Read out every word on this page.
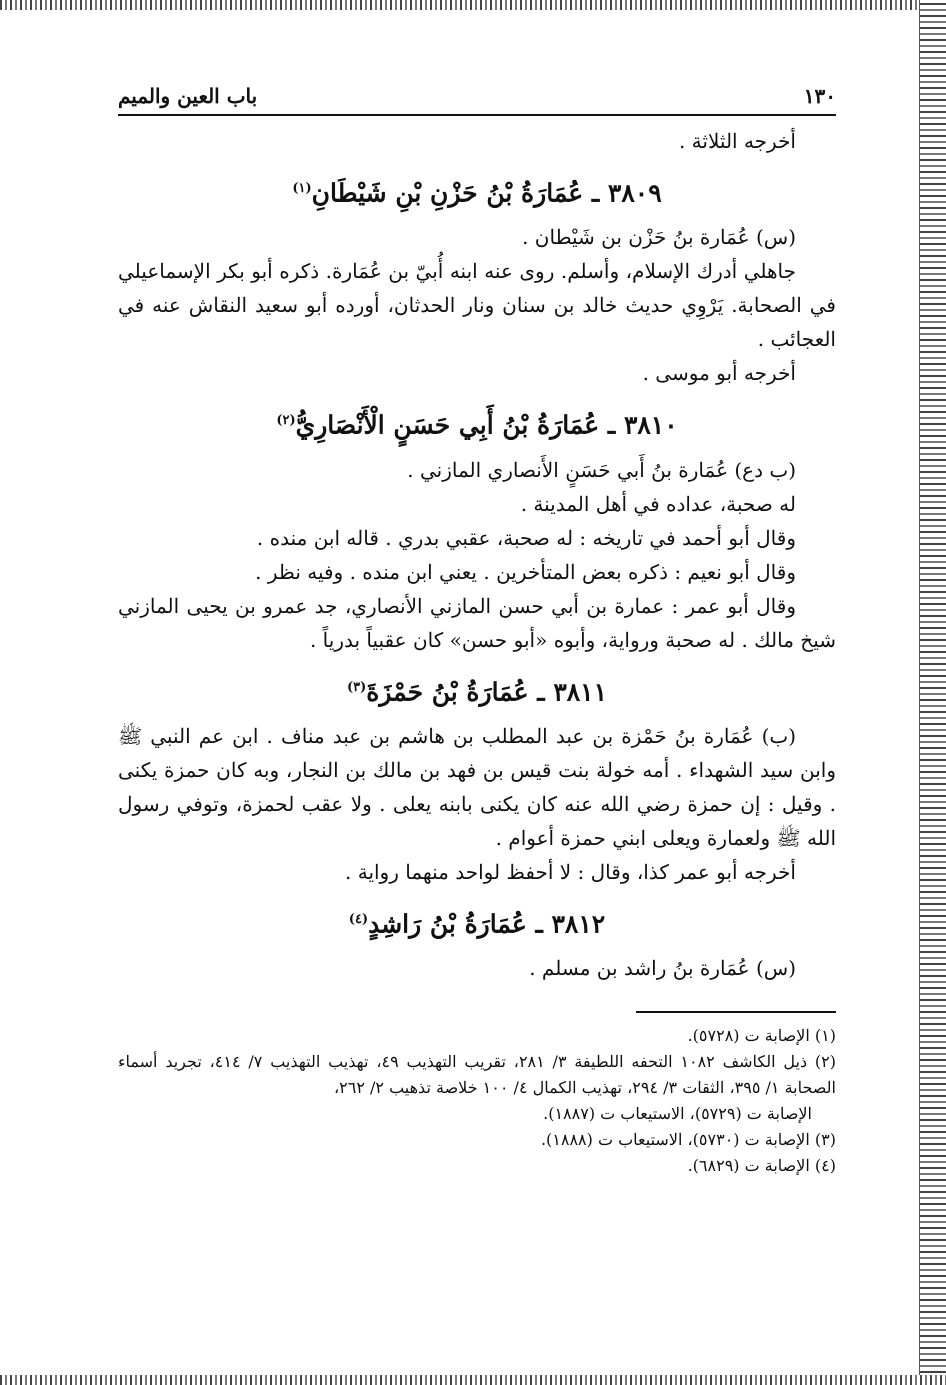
١٣٠
باب العين والميم

أخرجه الثلاثة .

٣٨٠٩ ـ عُمَارَةُ بْنُ حَزْنِ بْنِ شَيْطَانِ$^{(١)}$

(س) عُمَارة بنُ حَزْن بن شَيْطان .

جاهلي أدرك الإسلام، وأسلم. روى عنه ابنه أُبيّ بن عُمَارة. ذكره أبو بكر الإسماعيلي في الصحابة. يَرْوِي حديث خالد بن سنان ونار الحدثان، أورده أبو سعيد النقاش عنه في العجائب .

أخرجه أبو موسى .

٣٨١٠ ـ عُمَارَةُ بْنُ أَبِي حَسَنٍ الْأَنْصَارِيُّ$^{(٢)}$

(ب دع) عُمَارة بنُ أَبي حَسَنٍ الأَنصاري المازني .

له صحبة، عداده في أهل المدينة .

وقال أبو أحمد في تاريخه : له صحبة، عقبي بدري . قاله ابن منده .

وقال أبو نعيم : ذكره بعض المتأخرين . يعني ابن منده . وفيه نظر .

وقال أبو عمر : عمارة بن أبي حسن المازني الأنصاري، جد عمرو بن يحيى المازني شيخ مالك . له صحبة ورواية، وأبوه «أبو حسن» كان عقبياً بدرياً .

٣٨١١ ـ عُمَارَةُ بْنُ حَمْزَةَ$^{(٣)}$

(ب) عُمَارة بنُ حَمْزة بن عبد المطلب بن هاشم بن عبد مناف . ابن عم النبي ﷺ وابن سيد الشهداء . أمه خولة بنت قيس بن فهد بن مالك بن النجار، وبه كان حمزة يكنى . وقيل : إن حمزة رضي الله عنه كان يكنى بابنه يعلى . ولا عقب لحمزة، وتوفي رسول الله ﷺ ولعمارة ويعلى ابني حمزة أعوام .

أخرجه أبو عمر كذا، وقال : لا أحفظ لواحد منهما رواية .

٣٨١٢ ـ عُمَارَةُ بْنُ رَاشِدٍ$^{(٤)}$

(س) عُمَارة بنُ راشد بن مسلم .

(١) الإصابة ت (٥٧٢٨).

(٢) ذيل الكاشف ١٠٨٢ التحفه اللطيفة ٣/ ٢٨١، تقريب التهذيب ٤٩، تهذيب التهذيب ٧/ ٤١٤، تجريد أسماء الصحابة ١/ ٣٩٥، الثقات ٣/ ٢٩٤، تهذيب الكمال ٤/ ١٠٠ خلاصة تذهيب ٢/ ٢٦٢،

الإصابة ت (٥٧٢٩)، الاستيعاب ت (١٨٨٧).

(٣) الإصابة ت (٥٧٣٠)، الاستيعاب ت (١٨٨٨).

(٤) الإصابة ت (٦٨٢٩).
